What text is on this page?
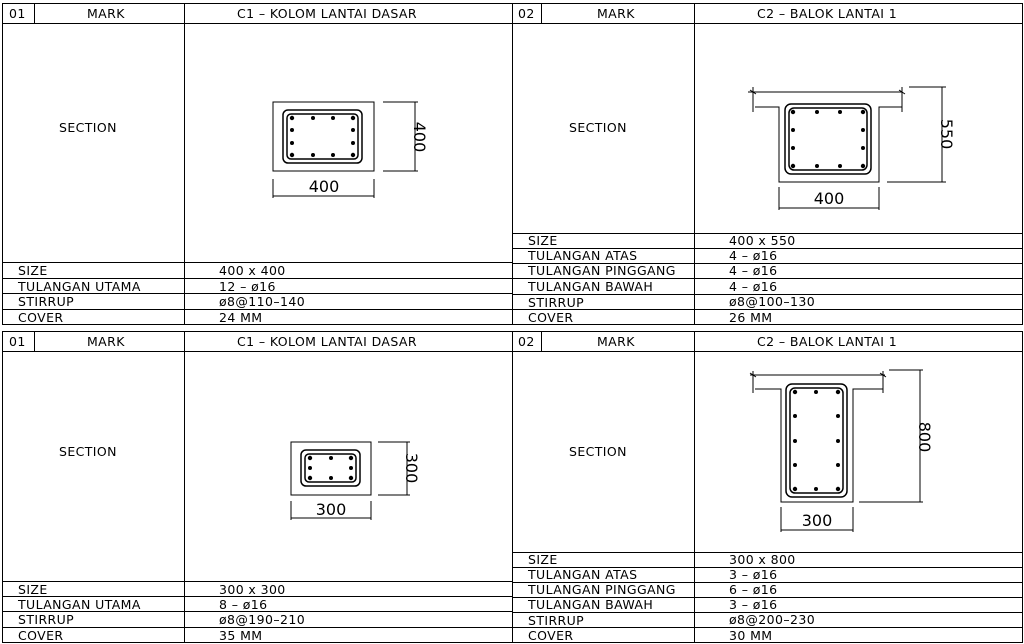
01	MARK	C1 – KOLOM LANTAI DASAR
SECTION
400
400
SIZE	400 x 400
TULANGAN UTAMA	12 – ø16
STIRRUP	ø8@110–140
COVER	24 MM
02	MARK	C2 – BALOK LANTAI 1
SECTION
400
550
SIZE	400 x 550
TULANGAN ATAS	4 – ø16
TULANGAN PINGGANG	4 – ø16
TULANGAN BAWAH	4 – ø16
STIRRUP	ø8@100–130
COVER	26 MM
01	MARK	C1 – KOLOM LANTAI DASAR
SECTION
300
300
SIZE	300 x 300
TULANGAN UTAMA	8 – ø16
STIRRUP	ø8@190–210
COVER	35 MM
02	MARK	C2 – BALOK LANTAI 1
SECTION
300
800
SIZE	300 x 800
TULANGAN ATAS	3 – ø16
TULANGAN PINGGANG	6 – ø16
TULANGAN BAWAH	3 – ø16
STIRRUP	ø8@200–230
COVER	30 MM
